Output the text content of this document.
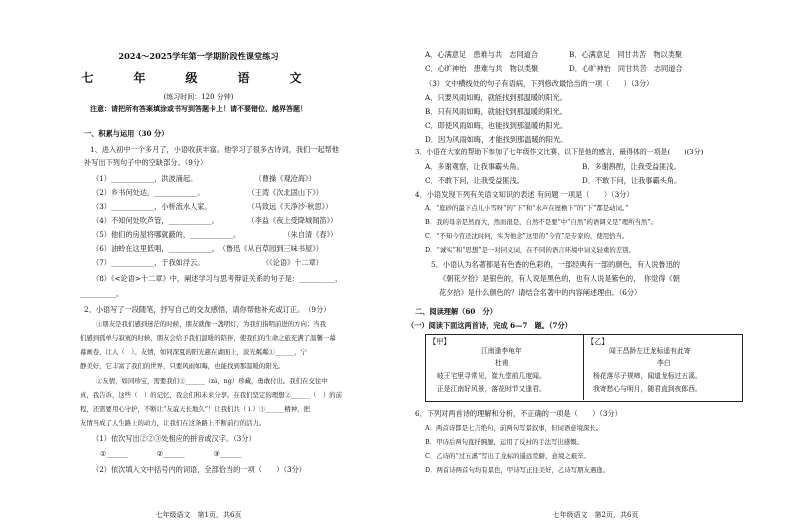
2024～2025学年第一学期阶段性课堂练习
七　年　级　语　文
(练习时间：120 分钟)
注意：请把所有答案填涂或书写到答题卡上！请不要错位、越界答题！
一、积累与运用（30 分）
1、进入初中一个多月了，小语收获丰富。他学习了很多古诗词，我们一起帮他
补写出下列句子中的空缺部分。（9分）
（1）____________，洪波涌起。　　　　　　　　　（曹操《观沧海》）
（2）乡书何处达，____________。　　　　　　　（王湾《次北固山下》）
（3）____________，小桥流水人家。　　　　　　（马致远《天净沙·秋思》）
（4）不知何处吹芦管，____________。　　　　　（李益《夜上受降城闻笛》）
（5）他们的房屋将哪就蔽的，____________。　　　　　　　（朱自清《春》）
（6）油蛉在这里低唱，____________。　（鲁迅《从百草园到三味书屋》）
（7）____________，于我如浮云。　　　　　　　　　（《论语》十二章）
（8）《<论语>十二章》中，阐述学习与思考辩证关系的句子是：__________，
__________。
2、小语写了一段随笔，抒写自己的交友感悟，请你帮他补充或订正。　（9分）
①朋友是我们感到迷茫的时候，朋友就像一盏明灯，为我们指明前进的方向；当我
们感到孤单与寂寞的时候，朋友会给予我们温暖的陪伴，使我们的生命之旅充满了温馨一幕
幕画卷，让人（　）。友情，如同深夏的阳光慈在湖面上，波光粼粼①______，宁
静美好，它丰富了我们的世界，只要风雨如晦，也能找到那温暖的阳光。
②友情，如同珍宝，需要我们②______（nì，ng）珍藏，勇敢付出。我们在交往中
真，我告诉，这些（　）的记忆，我会们和未来分享。在我们坚定的理想②______（　）的前
程，还需要用心守护，不断让“友谊天长地久”！让我们共（ i ）③______精神，把
友情当成了人生路上的动力，让我们在这条路上不断前行的活力。
（1）依次写出②②③处相应的拼音或汉字。（3分）
①______　　　　②______　　　　③______
（2）依次填入文中括号内的词语，全部恰当的一项（　　）（3分）
七年级语文　第1页，共6页
A．心满意足　患难与共　志同道合	B．心满意足　同甘共苦　物以类聚
C．心旷神怡　患难与共　物以类聚	D．心旷神怡　同甘共苦　志同道合
（3）文中横线处的句子有语病，下列修改最恰当的一项（　　）（3分）
A．只要风雨如晦，就能找到那温暖的阳光。
B．只有风雨如晦，就能找到那温暖的阳光。
C．即使风雨如晦，也能找到那温暖的阳光。
D．因为风雨如晦，才能找到那温暖的阳光。
3．小语在大家的帮助下参加了七年级作文比赛，以下是他的感言，最得体的一项是(　　)(3分)
A．多谢观察，让我事霸头角。	B．多谢斟酌，让我受益匪浅。
C．不敢下问，让我受益匪浅。	D．不敢下问，让我事霸头角。
4．小语发现下列有关语文知识的表述 有问题 一项是（　　）（3分）
A．“庭砂的最下点儿小雪呀”的“下”和“水声在屋檐下”的“下”都是动词。”
B．我的母亲是然而大，然而很是，自然不是要“中“自然”的语调义是“理所当然”。
C．“不知今宵还沈时何，实为他念”这里的“今宵”是专家的，使用恰当。
D．“诚实”和“思想”是一对同义词，在不同的语言环境中词义轻重的差别。
5．小语认为名著都是有色香的色彩的，一部经典有一部的颜色，有人说鲁迅的
《朝花夕拾》是银色的，有人说是黑色的，也有人说是紫色的，　你觉得《朝
花夕拾》是什么颜色的？请结合名著中的内容阐述理由。（6分）
二、阅读理解（60　分）
（一）阅读下面这两首诗，完成 6—7　题。（7分）
【甲】
江南逢李龟年
杜甫
岐王宅里寻常见，崔九堂前几度闻。
正是江南好风景，落花时节又逢君。
【乙】
闻王昌龄左迁龙标遥有此寄
李白
杨花落尽子规啼，闻道龙标过五溪。
我寄愁心与明月，随君直到夜郎西。
6．下列对两首诗的理解和分析，不正确的一项是（　　）（3分）
A．两首诗都是七言绝句，前两句写景叙事，但词语意境深长。
B．甲诗后两句直抒胸臆，运用了反衬的手法写出感慨。
C．乙诗的“过五溪”写出了龙标的遥远荒僻，意境之艰辛。
D．两首诗两首句均有景色，甲诗写正往美好，乙诗写朋友遇逢。
七年级语文　第2页，共6页
